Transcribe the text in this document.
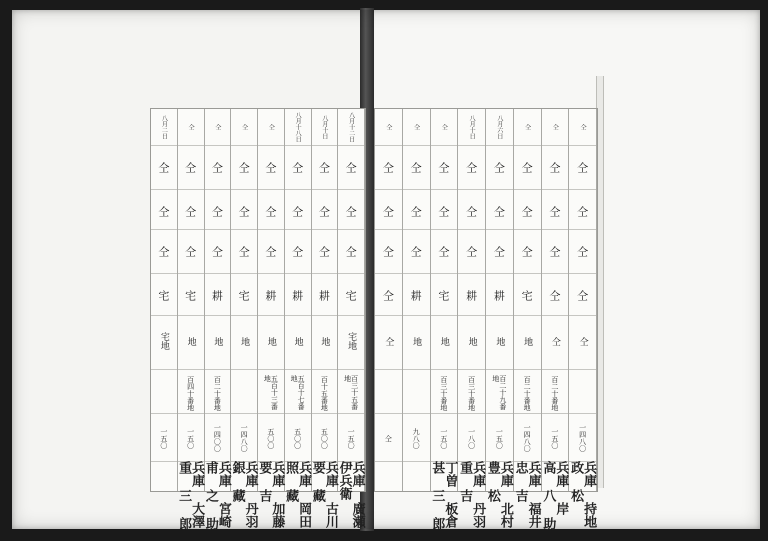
八月十二日
仝
仝
仝
宅
宅地
百三十五番地
一五〇
兵庫 廣瀬 伊兵衛
八月十日
仝
仝
仝
耕
地
百十五番地
五〇〇
兵庫 古川 要 藏
八月十八日
仝
仝
仝
耕
地
五百十七番地
五〇〇
兵庫 岡田 照 藏
仝
仝
仝
仝
耕
地
五百十三番地
五〇〇
兵庫 加藤 要 吉
仝
仝
仝
仝
宅
地
一四八〇
兵庫 丹羽 銀 藏
仝
仝
仝
仝
耕
地
百二十番地
一四〇〇
兵庫 宮崎 甫 之 助
仝
仝
仝
仝
宅
地
百四十番地
一五〇
兵庫 大澤 重 三 郎
八月二日
仝
仝
仝
宅
宅地
一五〇
仝
仝
仝
仝
仝
仝
一四八〇
兵庫 持地 政 松
仝
仝
仝
仝
仝
仝
百二十番地
一五〇
兵庫 岸 高 八 助
仝
仝
仝
仝
宅
地
百二十番地
一四八〇
兵庫 福井 忠 吉
八月六日
仝
仝
仝
耕
地
百二十九番地
一五〇
兵庫 北村 豊 松
八月十日
仝
仝
仝
耕
地
百三十番地
一八〇
兵庫 丹羽 重 吉
仝
仝
仝
仝
宅
地
百三十番地
一五〇
丁曽 板倉 甚 三 郎
仝
仝
仝
仝
耕
地
九八〇
仝
仝
仝
仝
仝
仝
仝
